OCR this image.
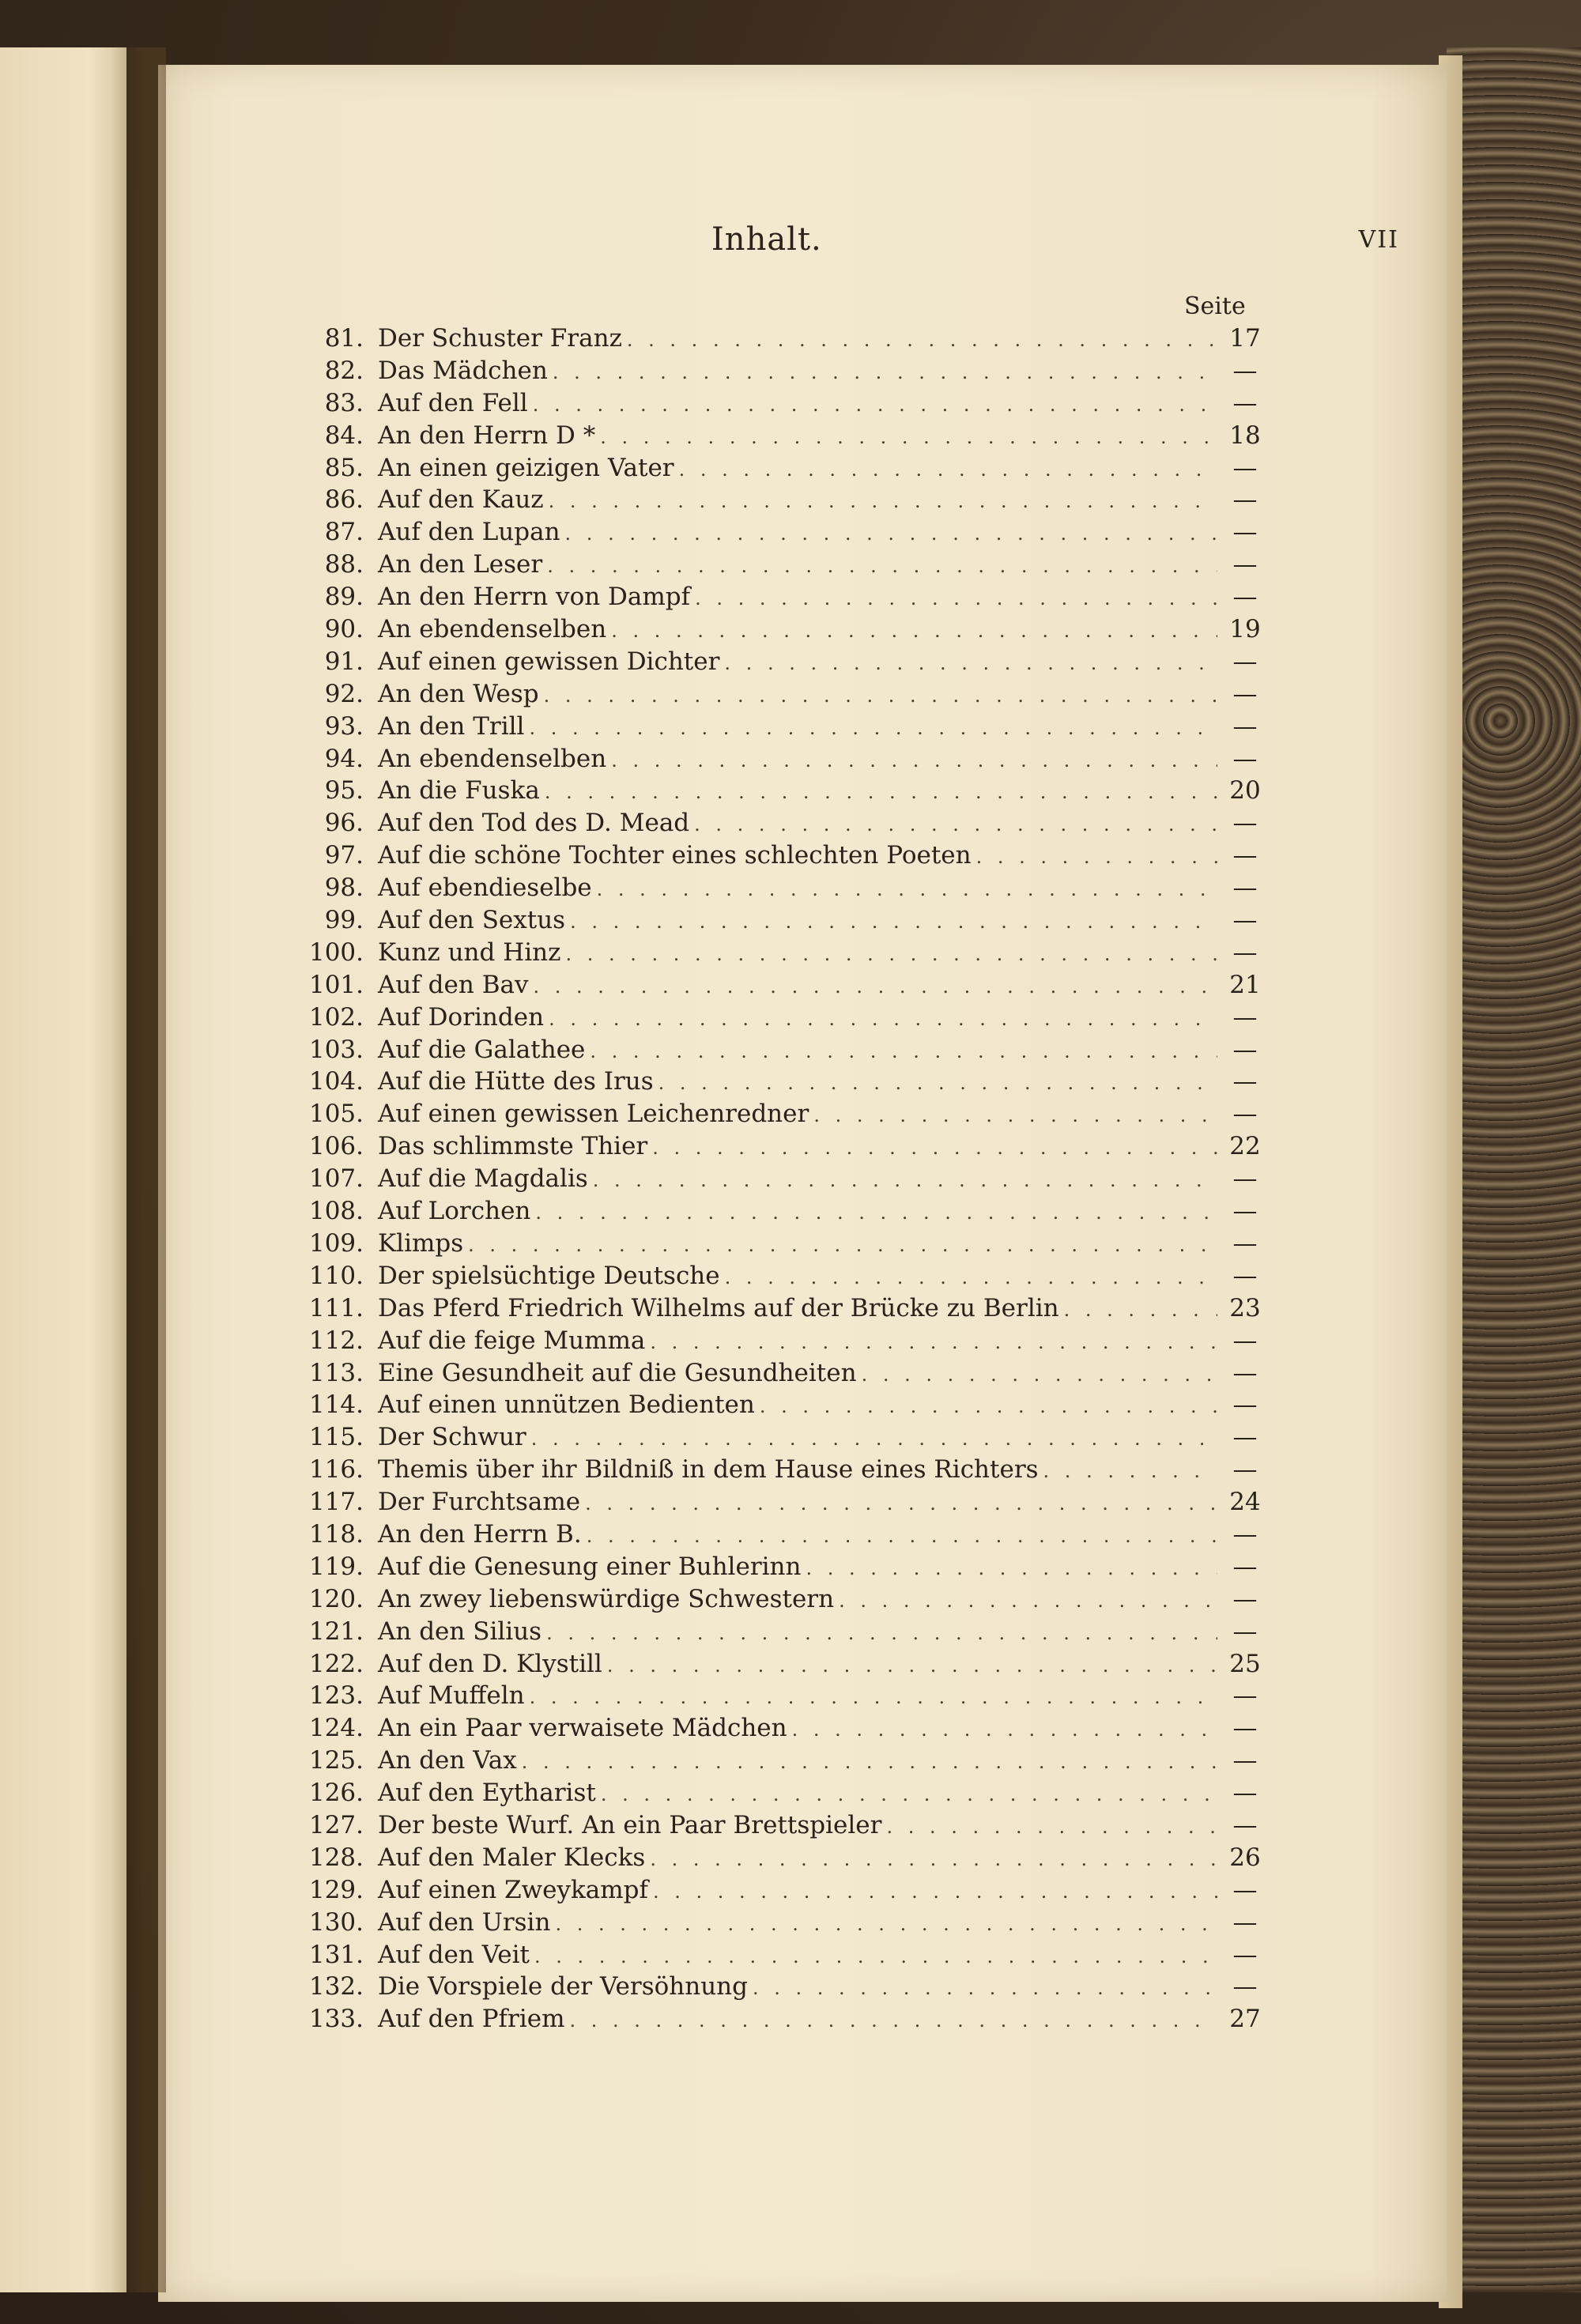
Inhalt.	VII
Seite
81. Der Schuster Franz . . .	17
82. Das Mädchen . . .	—
83. Auf den Fell . . .	—
84. An den Herrn D * . . .	18
85. An einen geizigen Vater . . .	—
86. Auf den Kauz . . .	—
87. Auf den Lupan . . .	—
88. An den Leser . . .	—
89. An den Herrn von Dampf . . .	—
90. An ebendenselben . . .	19
91. Auf einen gewissen Dichter . . .	—
92. An den Wesp . . .	—
93. An den Trill . . .	—
94. An ebendenselben . . .	—
95. An die Fuska . . .	20
96. Auf den Tod des D. Mead . . .	—
97. Auf die schöne Tochter eines schlechten Poeten . . .	—
98. Auf ebendieselbe . . .	—
99. Auf den Sextus . . .	—
100. Kunz und Hinz . . .	—
101. Auf den Bav . . .	21
102. Auf Dorinden . . .	—
103. Auf die Galathee . . .	—
104. Auf die Hütte des Irus . . .	—
105. Auf einen gewissen Leichenredner . . .	—
106. Das schlimmste Thier . . .	22
107. Auf die Magdalis . . .	—
108. Auf Lorchen . . .	—
109. Klimps . . .	—
110. Der spielsüchtige Deutsche . . .	—
111. Das Pferd Friedrich Wilhelms auf der Brücke zu Berlin . . .	23
112. Auf die feige Mumma . . .	—
113. Eine Gesundheit auf die Gesundheiten . . .	—
114. Auf einen unnützen Bedienten . . .	—
115. Der Schwur . . .	—
116. Themis über ihr Bildniß in dem Hause eines Richters . . .	—
117. Der Furchtsame . . .	24
118. An den Herrn B. . . .	—
119. Auf die Genesung einer Buhlerinn . . .	—
120. An zwey liebenswürdige Schwestern . . .	—
121. An den Silius . . .	—
122. Auf den D. Klystill . . .	25
123. Auf Muffeln . . .	—
124. An ein Paar verwaisete Mädchen . . .	—
125. An den Vax . . .	—
126. Auf den Eytharist . . .	—
127. Der beste Wurf. An ein Paar Brettspieler . . .	—
128. Auf den Maler Klecks . . .	26
129. Auf einen Zweykampf . . .	—
130. Auf den Ursin . . .	—
131. Auf den Veit . . .	—
132. Die Vorspiele der Versöhnung . . .	—
133. Auf den Pfriem . . .	27
